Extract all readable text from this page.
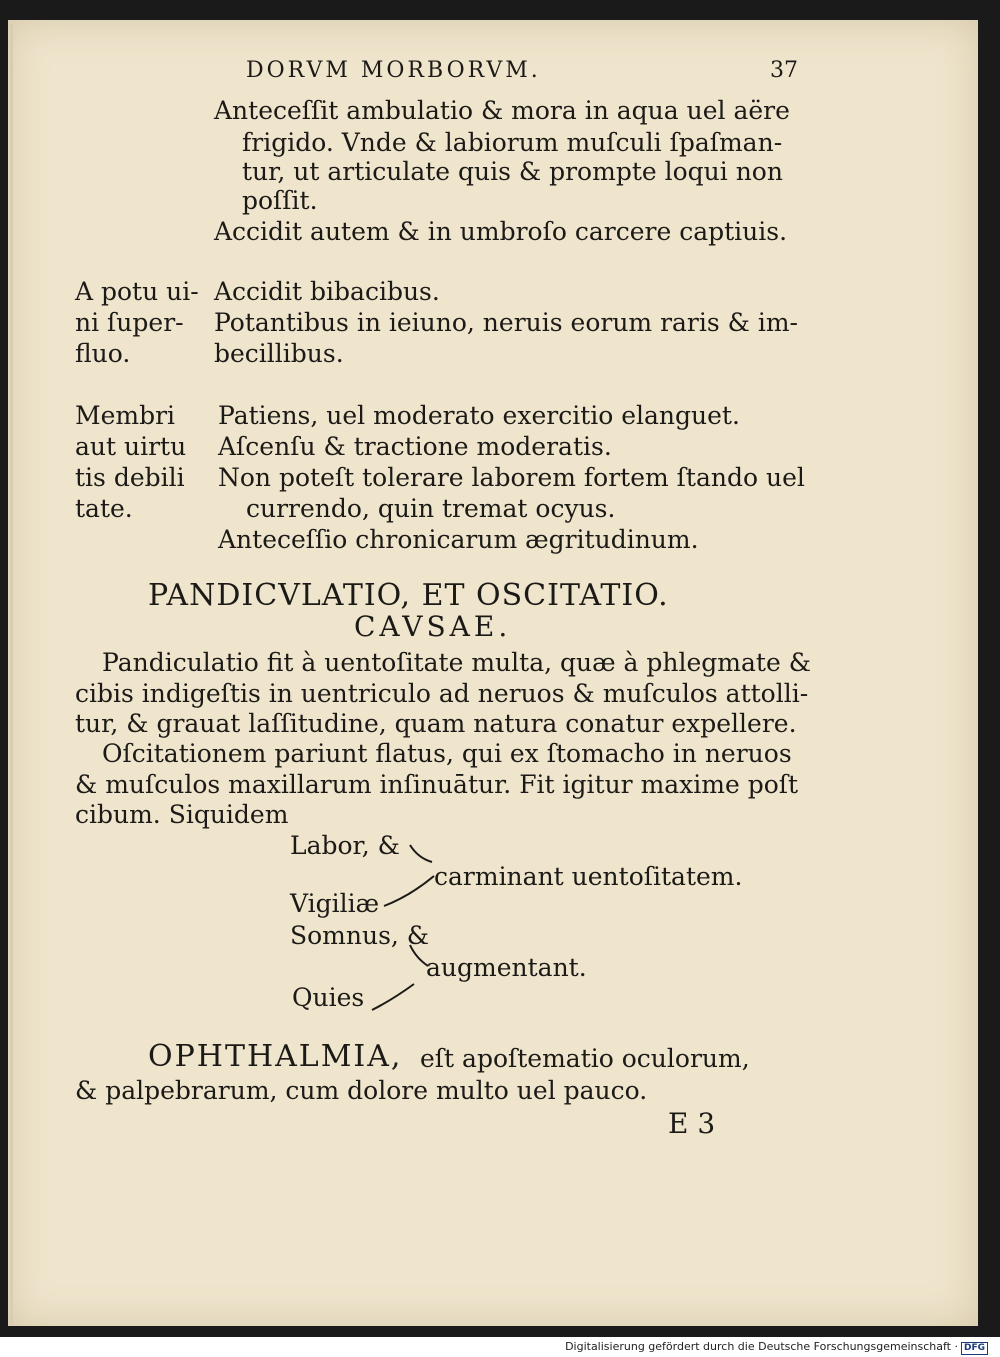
DORVM MORBORVM.	37
Anteceſſit ambulatio & mora in aqua uel aëre
frigido. Vnde & labiorum muſculi ſpaſman-
tur, ut articulate quis & prompte loqui non
poſſit.
Accidit autem & in umbroſo carcere captiuis.
A potu ui-
ni ſuper-
fluo.
Accidit bibacibus.
Potantibus in ieiuno, neruis eorum raris & im-
becillibus.
Membri
aut uirtu
tis debili
tate.
Patiens, uel moderato exercitio elanguet.
Aſcenſu & tractione moderatis.
Non poteſt tolerare laborem fortem ſtando uel
currendo, quin tremat ocyus.
Anteceſſio chronicarum ægritudinum.
PANDICVLATIO, ET OSCITATIO.
CAVSAE.
Pandiculatio fit à uentoſitate multa, quæ à phlegmate &
cibis indigeſtis in uentriculo ad neruos & muſculos attolli-
tur, & grauat laſſitudine, quam natura conatur expellere.
Oſcitationem pariunt flatus, qui ex ſtomacho in neruos
& muſculos maxillarum inſinuātur. Fit igitur maxime poſt
cibum. Siquidem
Labor, &
carminant uentoſitatem.
Vigiliæ
Somnus, &
augmentant.
Quies
OPHTHALMIA, eſt apoſtematio oculorum,
& palpebrarum, cum dolore multo uel pauco.
E 3
Digitalisierung gefördert durch die Deutsche Forschungsgemeinschaft · DFG
